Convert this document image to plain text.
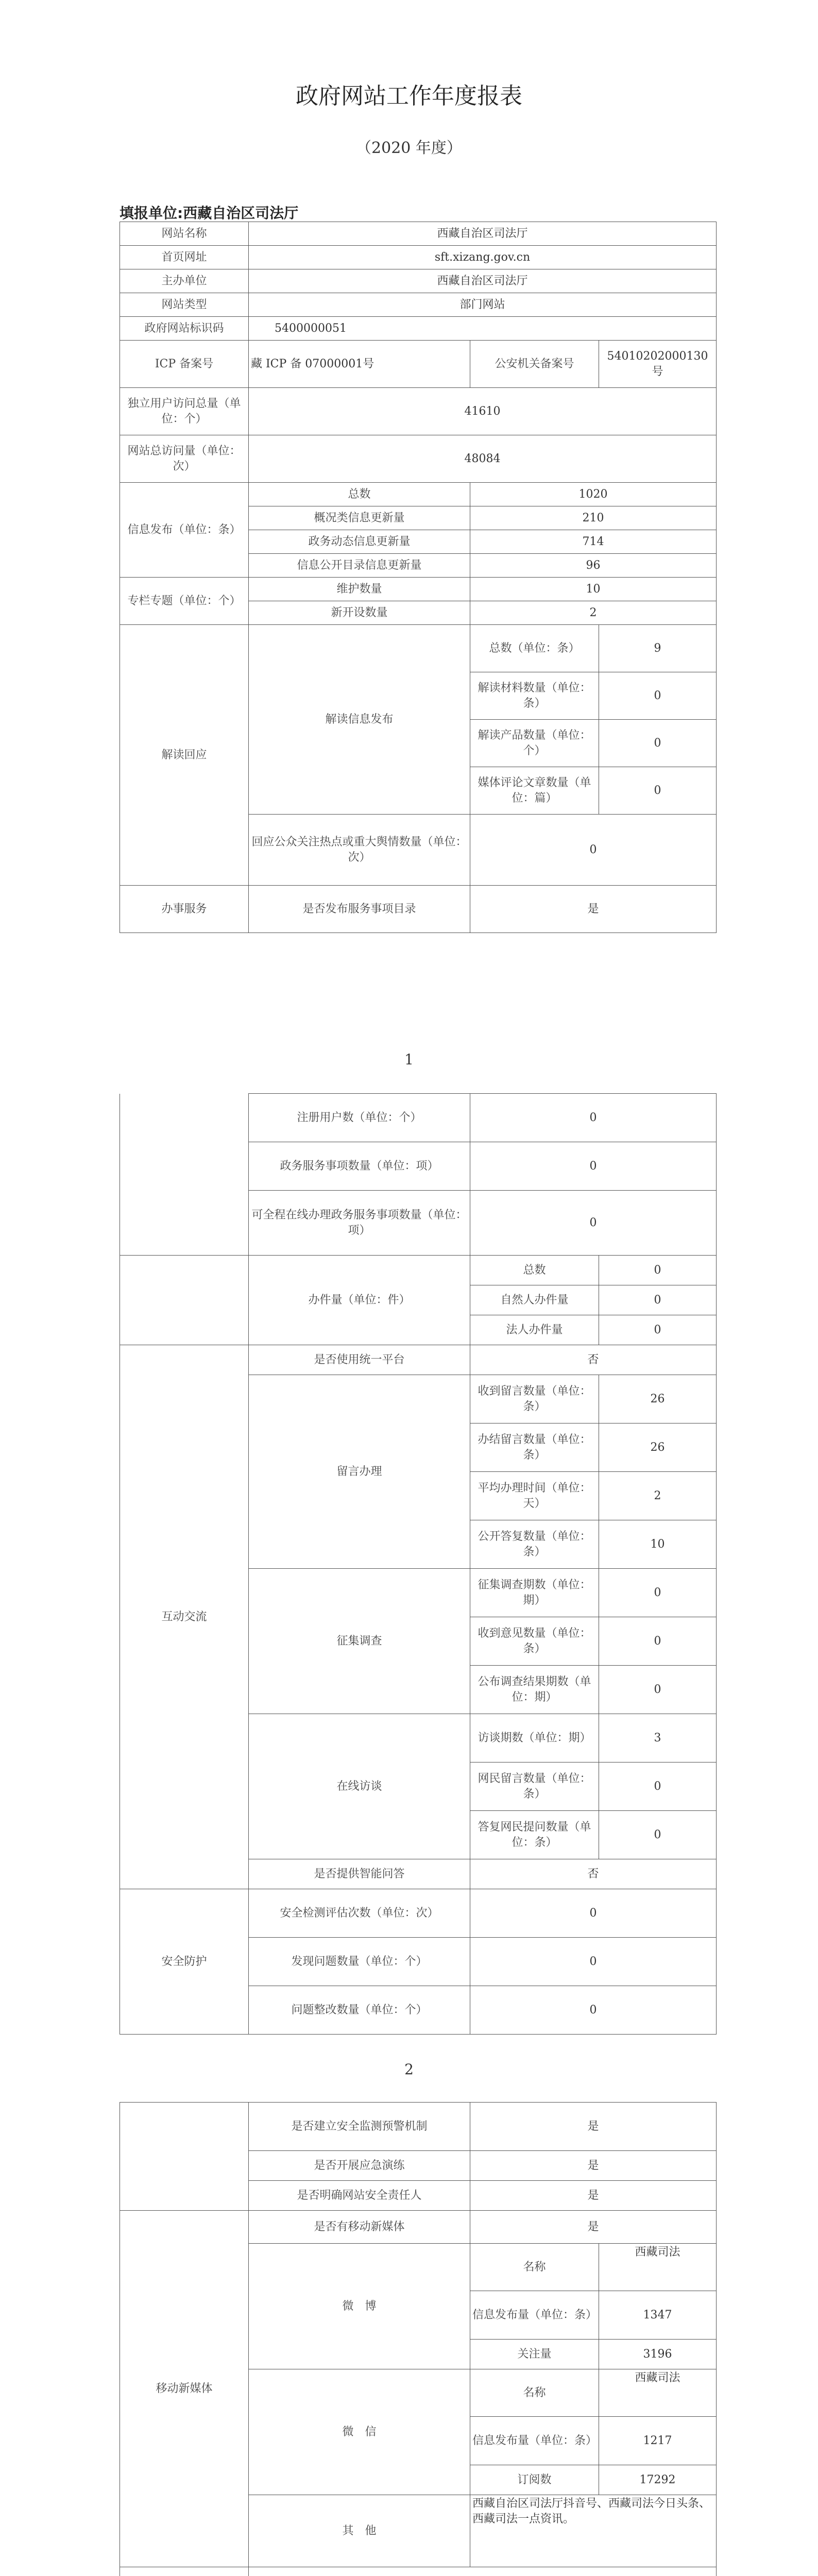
政府网站工作年度报表
（2020 年度）
填报单位:西藏自治区司法厅
网站名称	西藏自治区司法厅		
首页网址	sft.xizang.gov.cn		
主办单位	西藏自治区司法厅		
网站类型	部门网站		
政府网站标识码	5400000051		
ICP 备案号	藏 ICP 备 07000001号	公安机关备案号	54010202000130 号
独立用户访问总量（单位：个）	41610		
网站总访问量（单位：次）	48084		
信息发布（单位：条）	总数	1020	
	概况类信息更新量	210	
	政务动态信息更新量	714	
	信息公开目录信息更新量	96	
专栏专题（单位：个）	维护数量	10	
	新开设数量	2	
解读回应	解读信息发布	总数（单位：条）	9
		解读材料数量（单位：条）	0
		解读产品数量（单位：个）	0
		媒体评论文章数量（单位：篇）	0
	回应公众关注热点或重大舆情数量（单位：次）	0	
办事服务	是否发布服务事项目录	是	
1
	注册用户数（单位：个）	0	
	政务服务事项数量（单位：项）	0	
	可全程在线办理政务服务事项数量（单位：项）	0	
	办件量（单位：件）	总数	0
		自然人办件量	0
		法人办件量	0
互动交流	是否使用统一平台	否	
	留言办理	收到留言数量（单位：条）	26
		办结留言数量（单位：条）	26
		平均办理时间（单位：天）	2
		公开答复数量（单位：条）	10
	征集调查	征集调查期数（单位：期）	0
		收到意见数量（单位：条）	0
		公布调查结果期数（单位：期）	0
	在线访谈	访谈期数（单位：期）	3
		网民留言数量（单位：条）	0
		答复网民提问数量（单位：条）	0
	是否提供智能问答	否	
安全防护	安全检测评估次数（单位：次）	0	
	发现问题数量（单位：个）	0	
	问题整改数量（单位：个）	0	
2
	是否建立安全监测预警机制	是	
	是否开展应急演练	是	
	是否明确网站安全责任人	是	
移动新媒体	是否有移动新媒体	是	
	微　博	名称	西藏司法
		信息发布量（单位：条）	1347
		关注量	3196
	微　信	名称	西藏司法
		信息发布量（单位：条）	1217
		订阅数	17292
	其　他	西藏自治区司法厅抖音号、西藏司法今日头条、西藏司法一点资讯。	
